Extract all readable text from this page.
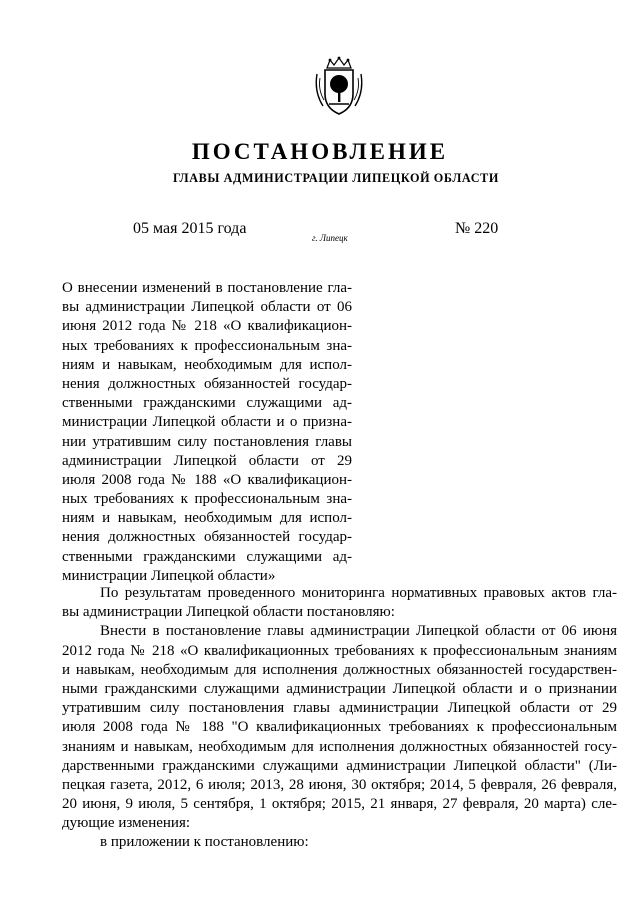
ПОСТАНОВЛЕНИЕ
ГЛАВЫ АДМИНИСТРАЦИИ ЛИПЕЦКОЙ ОБЛАСТИ
05 мая 2015 года
г. Липецк
№ 220
О внесении изменений в постановление гла-
вы администрации Липецкой области от 06
июня 2012 года № 218 «О квалификацион-
ных требованиях к профессиональным зна-
ниям и навыкам, необходимым для испол-
нения должностных обязанностей государ-
ственными гражданскими служащими ад-
министрации Липецкой области и о призна-
нии утратившим силу постановления главы
администрации Липецкой области от 29
июля 2008 года № 188 «О квалификацион-
ных требованиях к профессиональным зна-
ниям и навыкам, необходимым для испол-
нения должностных обязанностей государ-
ственными гражданскими служащими ад-
министрации Липецкой области»
По результатам проведенного мониторинга нормативных правовых актов гла-
вы администрации Липецкой области постановляю:
Внести в постановление главы администрации Липецкой области от 06 июня
2012 года № 218 «О квалификационных требованиях к профессиональным знаниям
и навыкам, необходимым для исполнения должностных обязанностей государствен-
ными гражданскими служащими администрации Липецкой области и о признании
утратившим силу постановления главы администрации Липецкой области от 29
июля 2008 года № 188 "О квалификационных требованиях к профессиональным
знаниям и навыкам, необходимым для исполнения должностных обязанностей госу-
дарственными гражданскими служащими администрации Липецкой области" (Ли-
пецкая газета, 2012, 6 июля; 2013, 28 июня, 30 октября; 2014, 5 февраля, 26 февраля,
20 июня, 9 июля, 5 сентября, 1 октября; 2015, 21 января, 27 февраля, 20 марта) сле-
дующие изменения:
в приложении к постановлению:
